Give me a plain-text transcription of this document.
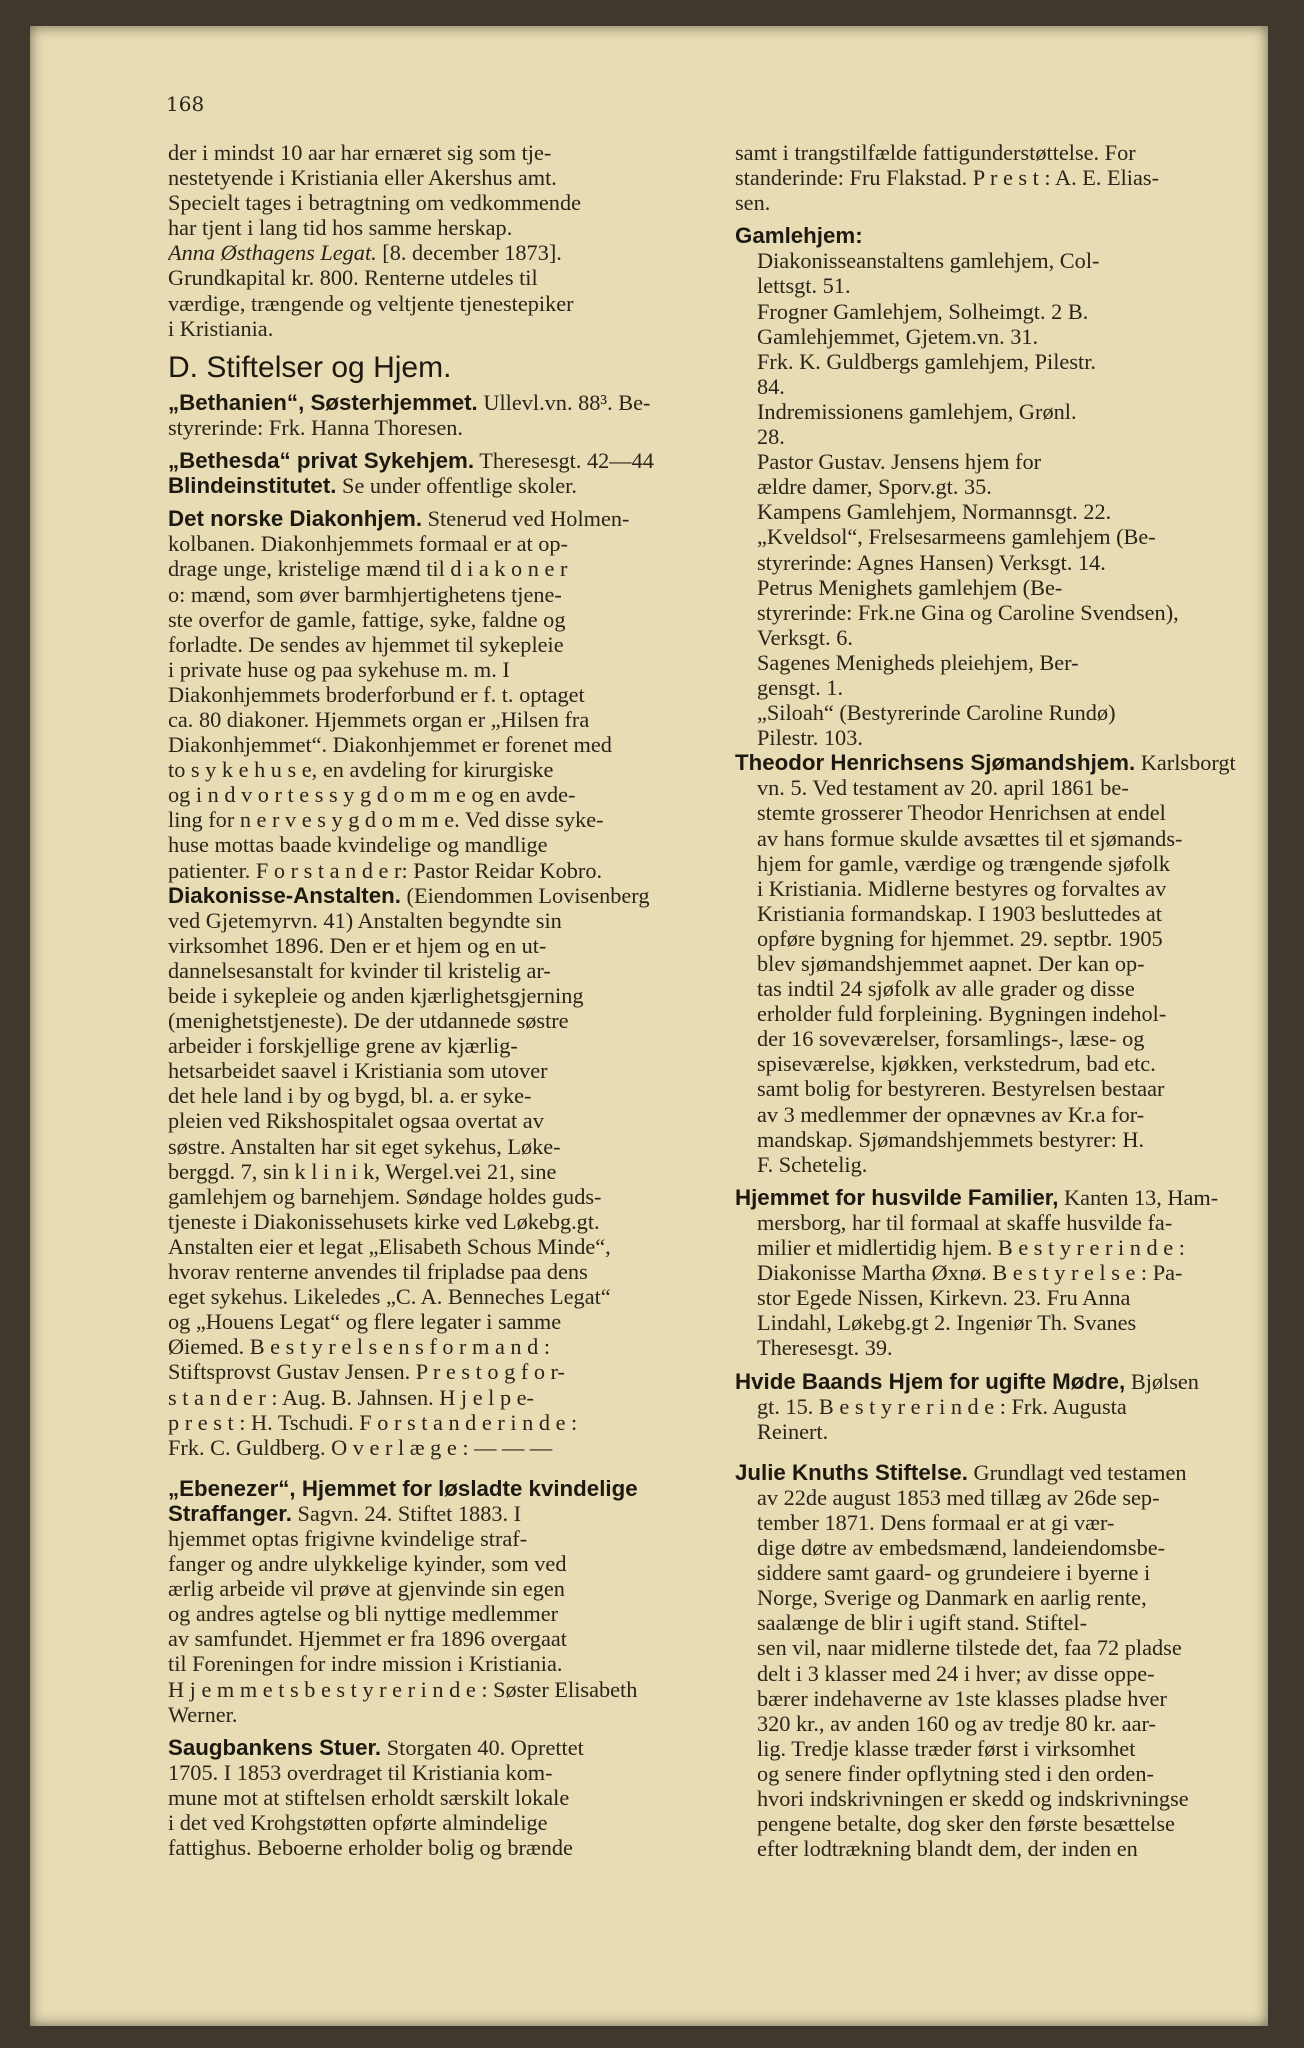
168
der i mindst 10 aar har ernæret sig som tje-
nestetyende i Kristiania eller Akershus amt.
Specielt tages i betragtning om vedkommende
har tjent i lang tid hos samme herskap.
Anna Østhagens Legat. [8. december 1873].
Grundkapital kr. 800. Renterne utdeles til
værdige, trængende og veltjente tjenestepiker
i Kristiania.
D. Stiftelser og Hjem.
„Bethanien“, Søsterhjemmet. Ullevl.vn. 88³. Be-
styrerinde: Frk. Hanna Thoresen.
„Bethesda“ privat Sykehjem. Theresesgt. 42—44
Blindeinstitutet. Se under offentlige skoler.
Det norske Diakonhjem. Stenerud ved Holmen-
kolbanen. Diakonhjemmets formaal er at op-
drage unge, kristelige mænd til d i a k o n e r
o: mænd, som øver barmhjertighetens tjene-
ste overfor de gamle, fattige, syke, faldne og
forladte. De sendes av hjemmet til sykepleie
i private huse og paa sykehuse m. m. I
Diakonhjemmets broderforbund er f. t. optaget
ca. 80 diakoner. Hjemmets organ er „Hilsen fra
Diakonhjemmet“. Diakonhjemmet er forenet med
to s y k e h u s e, en avdeling for kirurgiske
og i n d v o r t e s s y g d o m m e og en avde-
ling for n e r v e s y g d o m m e. Ved disse syke-
huse mottas baade kvindelige og mandlige
patienter. F o r s t a n d e r: Pastor Reidar Kobro.
Diakonisse-Anstalten. (Eiendommen Lovisenberg
ved Gjetemyrvn. 41) Anstalten begyndte sin
virksomhet 1896. Den er et hjem og en ut-
dannelsesanstalt for kvinder til kristelig ar-
beide i sykepleie og anden kjærlighetsgjerning
(menighetstjeneste). De der utdannede søstre
arbeider i forskjellige grene av kjærlig-
hetsarbeidet saavel i Kristiania som utover
det hele land i by og bygd, bl. a. er syke-
pleien ved Rikshospitalet ogsaa overtat av
søstre. Anstalten har sit eget sykehus, Løke-
berggd. 7, sin k l i n i k, Wergel.vei 21, sine
gamlehjem og barnehjem. Søndage holdes guds-
tjeneste i Diakonissehusets kirke ved Løkebg.gt.
Anstalten eier et legat „Elisabeth Schous Minde“,
hvorav renterne anvendes til fripladse paa dens
eget sykehus. Likeledes „C. A. Benneches Legat“
og „Houens Legat“ og flere legater i samme
Øiemed. B e s t y r e l s e n s f o r m a n d :
Stiftsprovst Gustav Jensen. P r e s t o g f o r-
s t a n d e r : Aug. B. Jahnsen. H j e l p e-
p r e s t : H. Tschudi. F o r s t a n d e r i n d e :
Frk. C. Guldberg. O v e r l æ g e : — — —
„Ebenezer“, Hjemmet for løsladte kvindelige
Straffanger. Sagvn. 24. Stiftet 1883. I
hjemmet optas frigivne kvindelige straf-
fanger og andre ulykkelige kyinder, som ved
ærlig arbeide vil prøve at gjenvinde sin egen
og andres agtelse og bli nyttige medlemmer
av samfundet. Hjemmet er fra 1896 overgaat
til Foreningen for indre mission i Kristiania.
H j e m m e t s b e s t y r e r i n d e : Søster Elisabeth
Werner.
Saugbankens Stuer. Storgaten 40. Oprettet
1705. I 1853 overdraget til Kristiania kom-
mune mot at stiftelsen erholdt særskilt lokale
i det ved Krohgstøtten opførte almindelige
fattighus. Beboerne erholder bolig og brænde
samt i trangstilfælde fattigunderstøttelse. For
standerinde: Fru Flakstad. P r e s t : A. E. Elias-
sen.
Gamlehjem:
Diakonisseanstaltens gamlehjem, Col-
lettsgt. 51.
Frogner Gamlehjem, Solheimgt. 2 B.
Gamlehjemmet, Gjetem.vn. 31.
Frk. K. Guldbergs gamlehjem, Pilestr.
84.
Indremissionens gamlehjem, Grønl.
28.
Pastor Gustav. Jensens hjem for
ældre damer, Sporv.gt. 35.
Kampens Gamlehjem, Normannsgt. 22.
„Kveldsol“, Frelsesarmeens gamlehjem (Be-
styrerinde: Agnes Hansen) Verksgt. 14.
Petrus Menighets gamlehjem (Be-
styrerinde: Frk.ne Gina og Caroline Svendsen),
Verksgt. 6.
Sagenes Menigheds pleiehjem, Ber-
gensgt. 1.
„Siloah“ (Bestyrerinde Caroline Rundø)
Pilestr. 103.
Theodor Henrichsens Sjømandshjem. Karlsborgt
vn. 5. Ved testament av 20. april 1861 be-
stemte grosserer Theodor Henrichsen at endel
av hans formue skulde avsættes til et sjømands-
hjem for gamle, værdige og trængende sjøfolk
i Kristiania. Midlerne bestyres og forvaltes av
Kristiania formandskap. I 1903 besluttedes at
opføre bygning for hjemmet. 29. septbr. 1905
blev sjømandshjemmet aapnet. Der kan op-
tas indtil 24 sjøfolk av alle grader og disse
erholder fuld forpleining. Bygningen indehol-
der 16 soveværelser, forsamlings-, læse- og
spiseværelse, kjøkken, verkstedrum, bad etc.
samt bolig for bestyreren. Bestyrelsen bestaar
av 3 medlemmer der opnævnes av Kr.a for-
mandskap. Sjømandshjemmets bestyrer: H.
F. Schetelig.
Hjemmet for husvilde Familier, Kanten 13, Ham-
mersborg, har til formaal at skaffe husvilde fa-
milier et midlertidig hjem. B e s t y r e r i n d e :
Diakonisse Martha Øxnø. B e s t y r e l s e : Pa-
stor Egede Nissen, Kirkevn. 23. Fru Anna
Lindahl, Løkebg.gt 2. Ingeniør Th. Svanes
Theresesgt. 39.
Hvide Baands Hjem for ugifte Mødre, Bjølsen
gt. 15. B e s t y r e r i n d e : Frk. Augusta
Reinert.
Julie Knuths Stiftelse. Grundlagt ved testamen
av 22de august 1853 med tillæg av 26de sep-
tember 1871. Dens formaal er at gi vær-
dige døtre av embedsmænd, landeiendomsbe-
siddere samt gaard- og grundeiere i byerne i
Norge, Sverige og Danmark en aarlig rente,
saalænge de blir i ugift stand. Stiftel-
sen vil, naar midlerne tilstede det, faa 72 pladse
delt i 3 klasser med 24 i hver; av disse oppe-
bærer indehaverne av 1ste klasses pladse hver
320 kr., av anden 160 og av tredje 80 kr. aar-
lig. Tredje klasse træder først i virksomhet
og senere finder opflytning sted i den orden-
hvori indskrivningen er skedd og indskrivningse
pengene betalte, dog sker den første besættelse
efter lodtrækning blandt dem, der inden en
